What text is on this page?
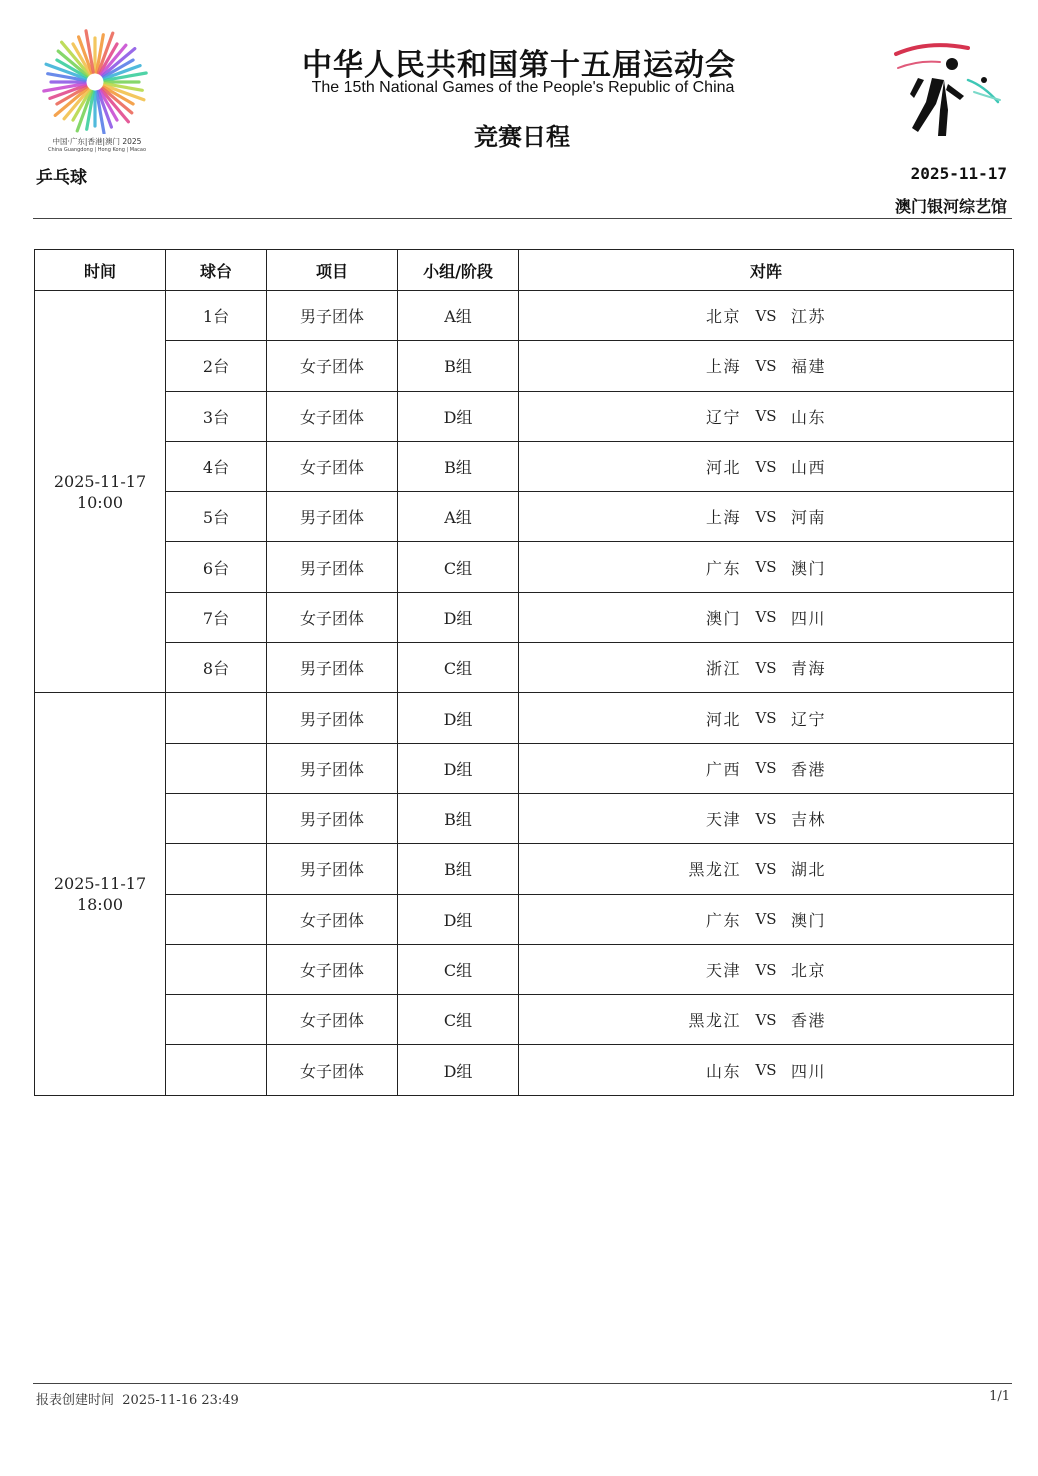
中国·广东|香港|澳门 2025
China Guangdong | Hong Kong | Macao
中华人民共和国第十五届运动会
The 15th National Games of the People's Republic of China
竞赛日程
乒乓球	2025-11-17
澳门银河综艺馆
时间	球台	项目	小组/阶段	对阵

2025-11-17
10:00	1台	男子团体	A组	北京 VS 江苏

	2台	女子团体	B组	上海 VS 福建

	3台	女子团体	D组	辽宁 VS 山东

	4台	女子团体	B组	河北 VS 山西

	5台	男子团体	A组	上海 VS 河南

	6台	男子团体	C组	广东 VS 澳门

	7台	女子团体	D组	澳门 VS 四川

	8台	男子团体	C组	浙江 VS 青海

2025-11-17
18:00		男子团体	D组	河北 VS 辽宁

		男子团体	D组	广西 VS 香港

		男子团体	B组	天津 VS 吉林

		男子团体	B组	黑龙江 VS 湖北

		女子团体	D组	广东 VS 澳门

		女子团体	C组	天津 VS 北京

		女子团体	C组	黑龙江 VS 香港

		女子团体	D组	山东 VS 四川
报表创建时间 2025-11-16 23:49	1/1
